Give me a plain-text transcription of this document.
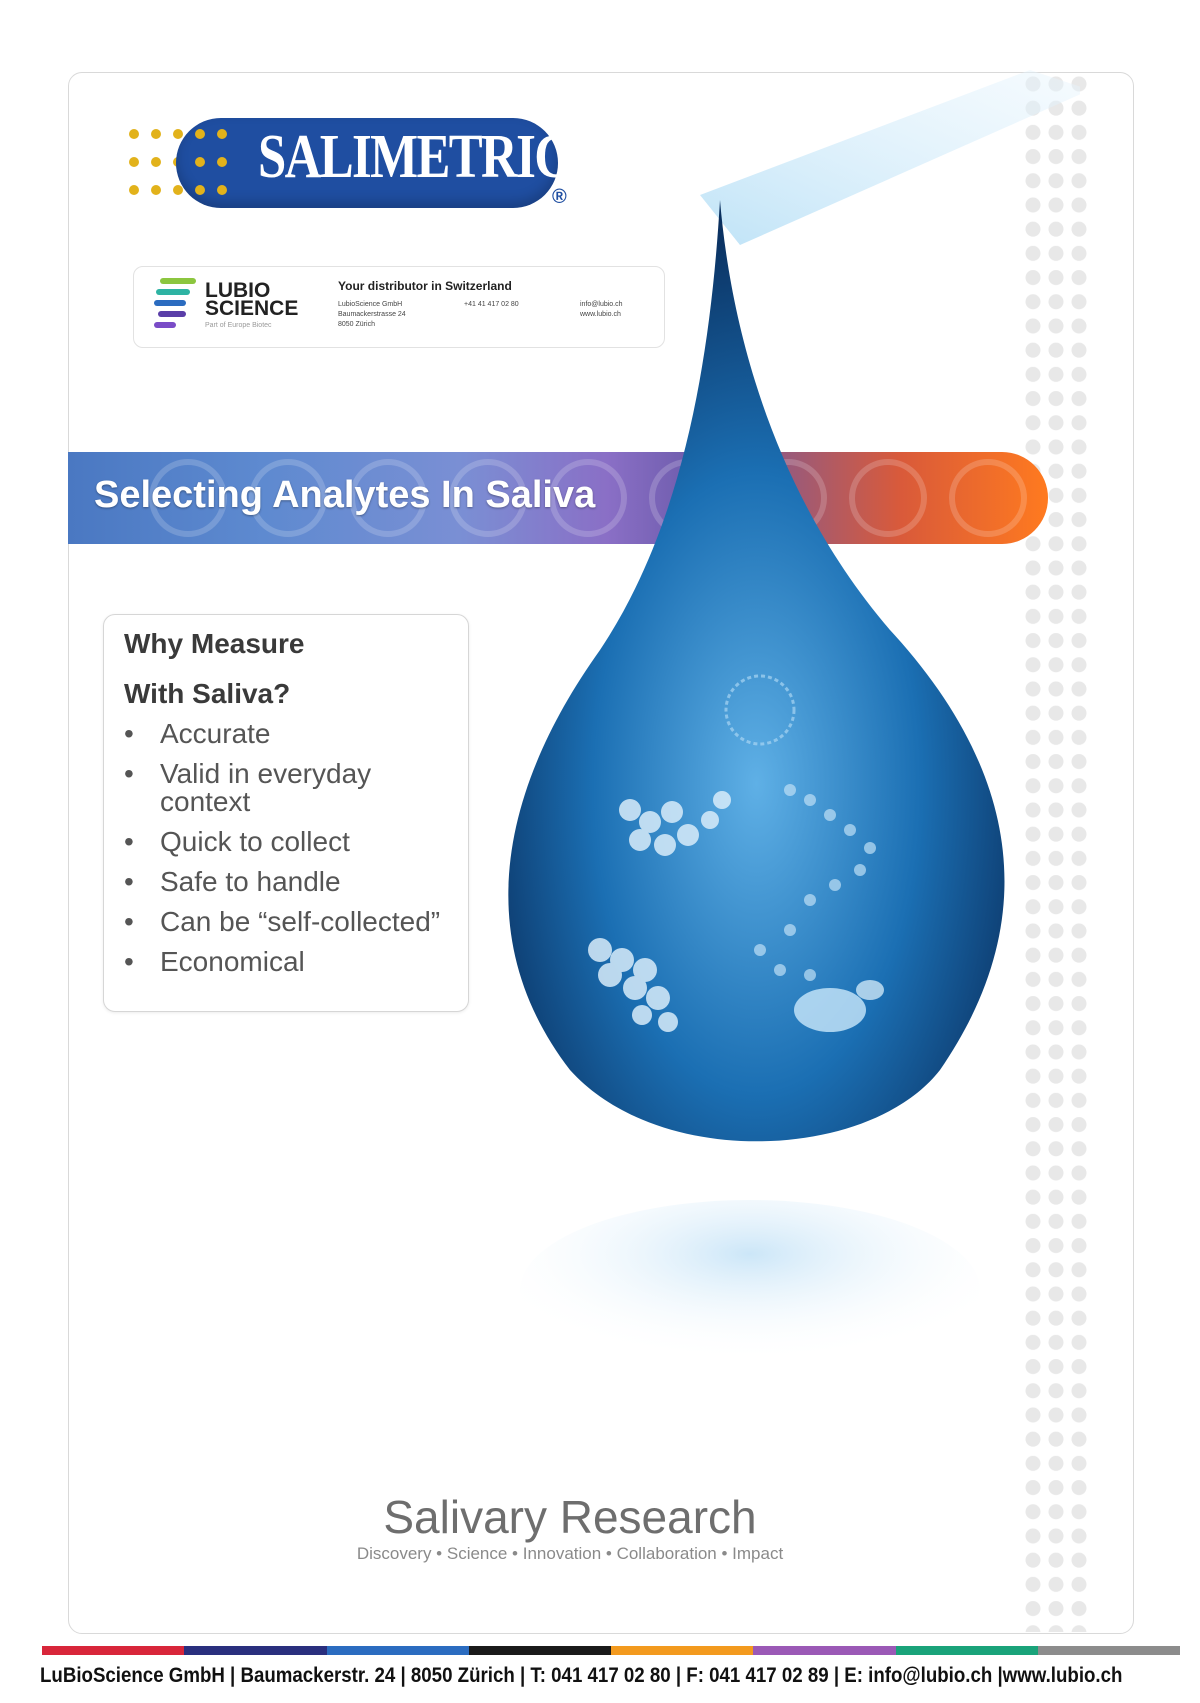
SALIMETRICS
®
LUBIO
SCIENCE
Part of Europe Biotec
Your distributor in Switzerland
LubioScience GmbH
Baumackerstrasse 24
8050 Zürich
+41 41 417 02 80	info@lubio.ch
www.lubio.ch
Selecting Analytes In Saliva
Why Measure
With Saliva?
• Accurate
• Valid in everyday context
• Quick to collect
• Safe to handle
• Can be “self-collected”
• Economical
Salivary Research
Discovery • Science • Innovation • Collaboration • Impact
LuBioScience GmbH | Baumackerstr. 24 | 8050 Zürich | T: 041 417 02 80 | F: 041 417 02 89 | E: info@lubio.ch |www.lubio.ch
